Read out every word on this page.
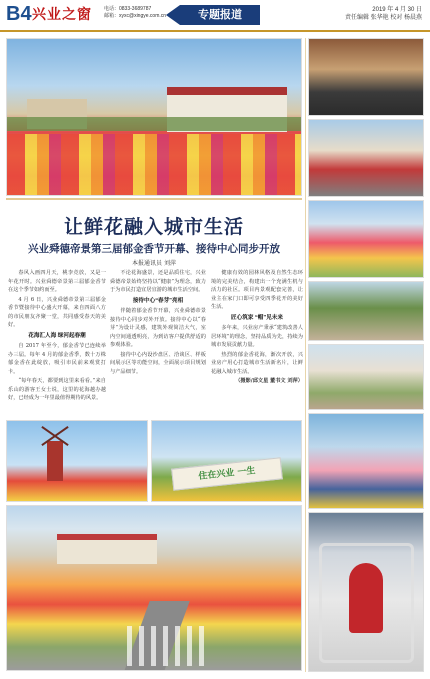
B4 兴业之窗 电话：0833-3689787
邮箱：xyxc@xingye.com.cn	专题报道	2019 年 4 月 30 日
责任编辑 张华艳 校对 杨晨燕
让鲜花融入城市生活
兴业舜德帝景第三届郁金香节开幕、接待中心同步开放
本报通讯员 刘萍

春风入画四月天，桃李竞放，又是一年花开时。兴业舜德帝景第三届郁金香节在这个季节如约而至。

4 月 6 日，兴业舜德帝景第三届郁金香节暨接待中心盛大开幕，来自四面八方的市民朋友齐聚一堂，共同感受春天的美好。

花海汇人海 绿河起春潮

自 2017 年至今，郁金香节已连续举办三届。每年 4 月的郁金香季，数十万株郁金香在此绽放，吸引市民前来观赏打卡。

“每年春天，都要到这里来看看。”来自乐山的游客王女士说，这里的花海越办越好，已经成为一年里最值得期待的风景。

不论花海盛景，还是品质住宅，兴业舜德帝景始终坚持以“健康”为理念，致力于为市民打造宜居宜游的城市生活空间。

接待中心“春芽”亮相

伴随着郁金香节开幕，兴业舜德帝景接待中心同步对外开放。接待中心以“春芽”为设计灵感，建筑外观简洁大气，室内空间通透明亮，为到访客户提供舒适的参观体验。

接待中心内设沙盘区、洽谈区、样板间展示区等功能空间，全面展示项目规划与产品细节。

健康有效的园林风格及自然生态环境的完美结合，构建出一个充满生机与活力的社区。项目内景观配套完善，让业主在家门口即可享受四季花开的美好生活。

匠心筑家 “帽”见未来

多年来，兴业房产秉承“建筑改善人居环境”的理念，坚持品质为先，持续为城市发展贡献力量。

热烈的郁金香花海，渐次开放，兴业房产用心打造城市生活新名片，让鲜花融入城市生活。

（摄影/邱文星 董书文 刘萍）

住在兴业 一生
